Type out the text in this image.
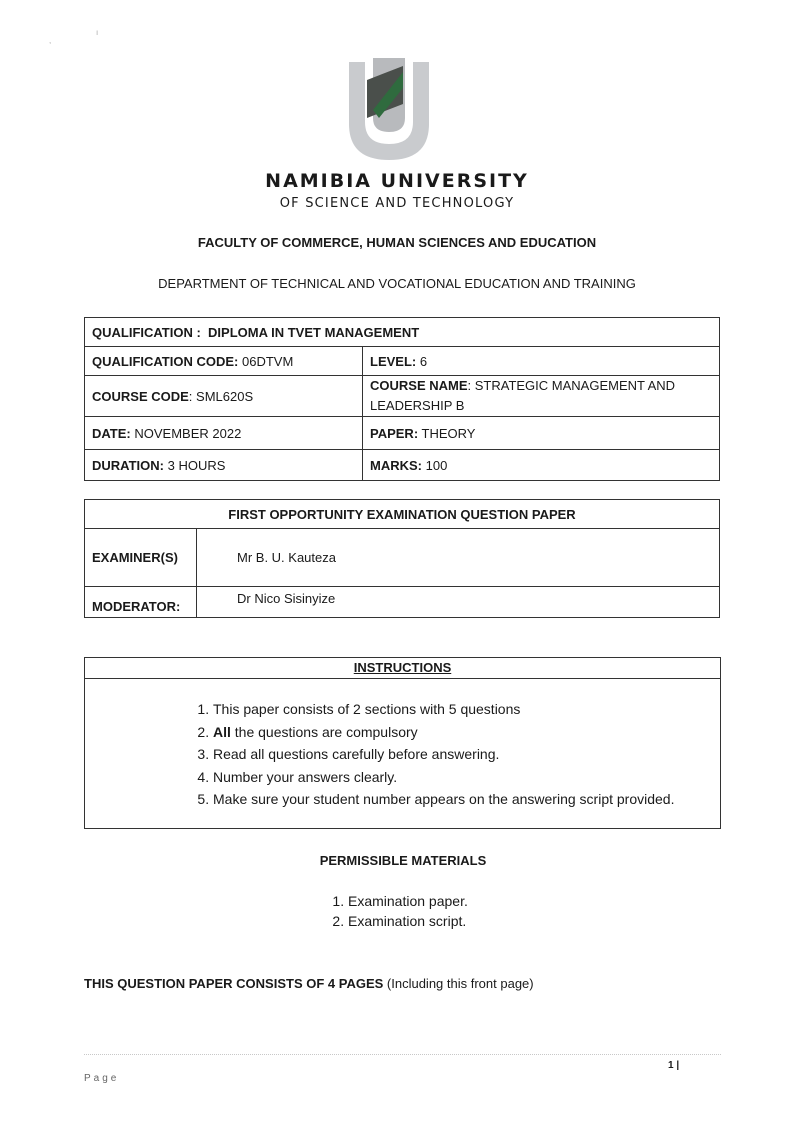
,
ı
NAMIBIA UNIVERSITY
OF SCIENCE AND TECHNOLOGY
FACULTY OF COMMERCE, HUMAN SCIENCES AND EDUCATION
DEPARTMENT OF TECHNICAL AND VOCATIONAL EDUCATION AND TRAINING
QUALIFICATION : DIPLOMA IN TVET MANAGEMENT	
QUALIFICATION CODE: 06DTVM	LEVEL: 6
COURSE CODE: SML620S	COURSE NAME: STRATEGIC MANAGEMENT AND LEADERSHIP B
DATE: NOVEMBER 2022	PAPER: THEORY
DURATION: 3 HOURS	MARKS: 100
FIRST OPPORTUNITY EXAMINATION QUESTION PAPER	
EXAMINER(S)	Mr B. U. Kauteza
MODERATOR:	Dr Nico Sisinyize
INSTRUCTIONS
1. This paper consists of 2 sections with 5 questions
2. All the questions are compulsory
3. Read all questions carefully before answering.
4. Number your answers clearly.
5. Make sure your student number appears on the answering script provided.
PERMISSIBLE MATERIALS
1. Examination paper.
2. Examination script.
THIS QUESTION PAPER CONSISTS OF 4 PAGES (Including this front page)
1 |
Page
